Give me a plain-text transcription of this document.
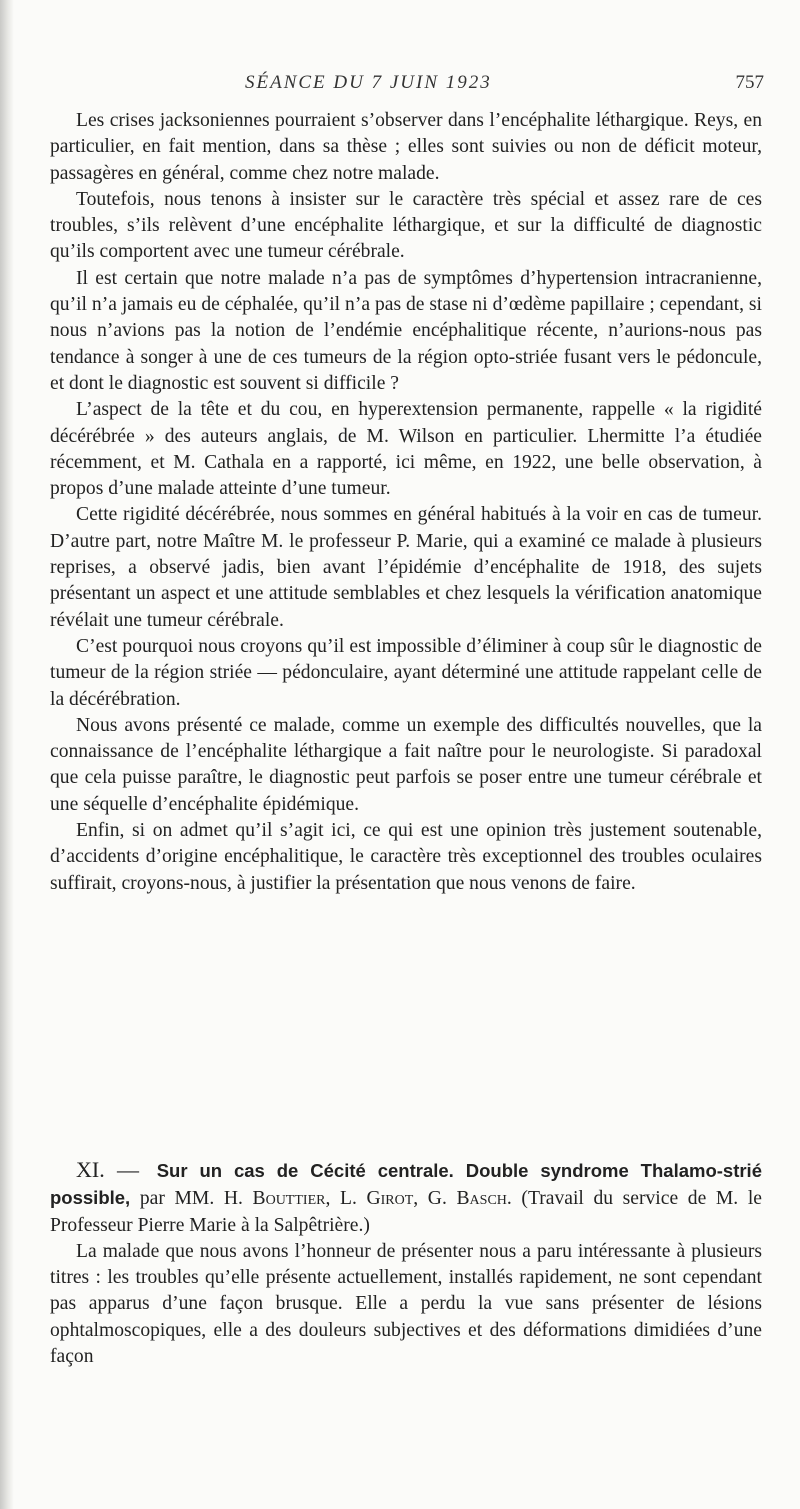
SÉANCE DU 7 JUIN 1923	757

Les crises jacksoniennes pourraient s’observer dans l’encéphalite léthargique. Reys, en particulier, en fait mention, dans sa thèse ; elles sont suivies ou non de déficit moteur, passagères en général, comme chez notre malade.

Toutefois, nous tenons à insister sur le caractère très spécial et assez rare de ces troubles, s’ils relèvent d’une encéphalite léthargique, et sur la difficulté de diagnostic qu’ils comportent avec une tumeur cérébrale.

Il est certain que notre malade n’a pas de symptômes d’hypertension intracranienne, qu’il n’a jamais eu de céphalée, qu’il n’a pas de stase ni d’œdème papillaire ; cependant, si nous n’avions pas la notion de l’endémie encéphalitique récente, n’aurions-nous pas tendance à songer à une de ces tumeurs de la région opto-striée fusant vers le pédoncule, et dont le diagnostic est souvent si difficile ?

L’aspect de la tête et du cou, en hyperextension permanente, rappelle « la rigidité décérébrée » des auteurs anglais, de M. Wilson en particulier. Lhermitte l’a étudiée récemment, et M. Cathala en a rapporté, ici même, en 1922, une belle observation, à propos d’une malade atteinte d’une tumeur.

Cette rigidité décérébrée, nous sommes en général habitués à la voir en cas de tumeur. D’autre part, notre Maître M. le professeur P. Marie, qui a examiné ce malade à plusieurs reprises, a observé jadis, bien avant l’épidémie d’encéphalite de 1918, des sujets présentant un aspect et une attitude semblables et chez lesquels la vérification anatomique révélait une tumeur cérébrale.

C’est pourquoi nous croyons qu’il est impossible d’éliminer à coup sûr le diagnostic de tumeur de la région striée — pédonculaire, ayant déterminé une attitude rappelant celle de la décérébration.

Nous avons présenté ce malade, comme un exemple des difficultés nouvelles, que la connaissance de l’encéphalite léthargique a fait naître pour le neurologiste. Si paradoxal que cela puisse paraître, le diagnostic peut parfois se poser entre une tumeur cérébrale et une séquelle d’encéphalite épidémique.

Enfin, si on admet qu’il s’agit ici, ce qui est une opinion très justement soutenable, d’accidents d’origine encéphalitique, le caractère très exceptionnel des troubles oculaires suffirait, croyons-nous, à justifier la présentation que nous venons de faire.

XI. — Sur un cas de Cécité centrale. Double syndrome Thalamo-strié possible, par MM. H. Bouttier, L. Girot, G. Basch. (Travail du service de M. le Professeur Pierre Marie à la Salpêtrière.)

La malade que nous avons l’honneur de présenter nous a paru intéressante à plusieurs titres : les troubles qu’elle présente actuellement, installés rapidement, ne sont cependant pas apparus d’une façon brusque. Elle a perdu la vue sans présenter de lésions ophtalmoscopiques, elle a des douleurs subjectives et des déformations dimidiées d’une façon
